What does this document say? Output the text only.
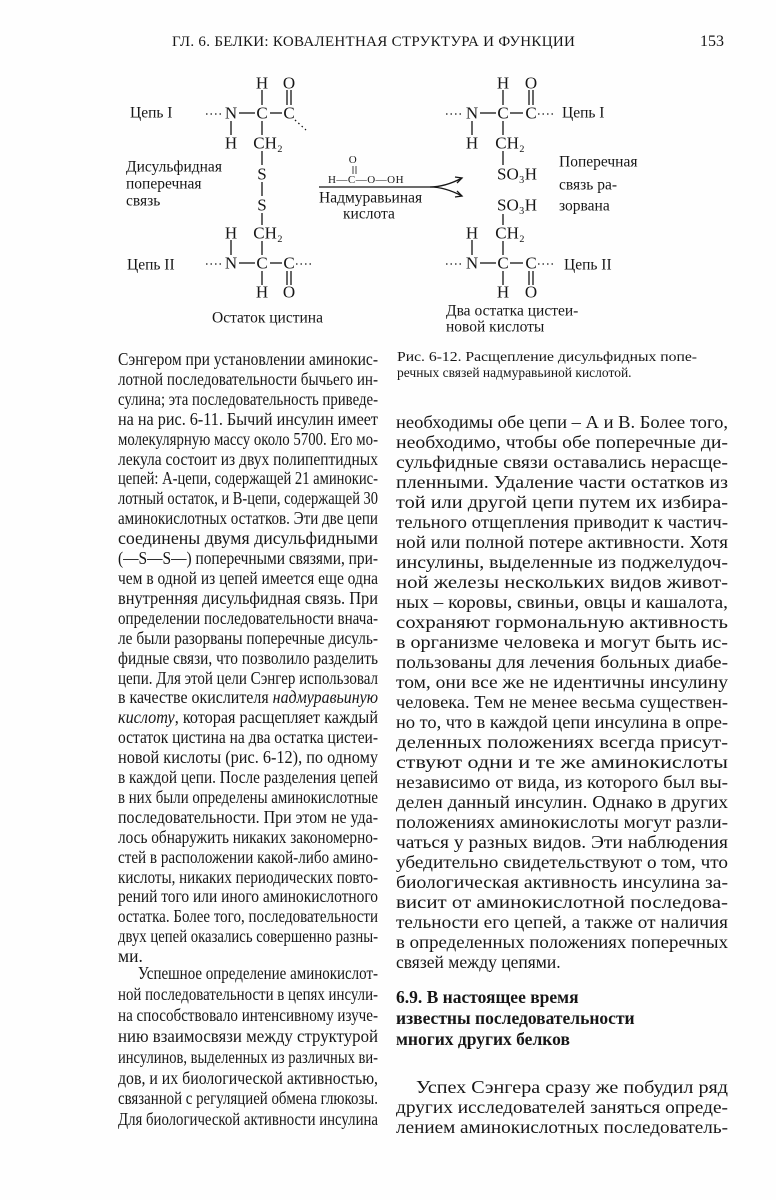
ГЛ. 6. БЕЛКИ: КОВАЛЕНТНАЯ СТРУКТУРА И ФУНКЦИИ	153
H O
N C C
H CH₂
S
S
H CH₂
N C C
H O
H O
N C C
H CH₂
SO₃H
SO₃H
H CH₂
N C C
H O
Цепь I
Дисульфидная
поперечная
связь
Цепь II
Остаток цистина
O
H—C—O—OH
Надмуравьиная
кислота
Цепь I
Поперечная
связь ра-
зорвана
Цепь II
Два остатка цистеи-
новой кислоты
Рис. 6-12. Расщепление дисульфидных попе-
речных связей надмуравьиной кислотой.
Сэнгером при установлении аминокис-
лотной последовательности бычьего ин-
сулина; эта последовательность приведе-
на на рис. 6-11. Бычий инсулин имеет
молекулярную массу около 5700. Его мо-
лекула состоит из двух полипептидных
цепей: А-цепи, содержащей 21 аминокис-
лотный остаток, и В-цепи, содержащей 30
аминокислотных остатков. Эти две цепи
соединены двумя дисульфидными
(—S—S—) поперечными связями, при-
чем в одной из цепей имеется еще одна
внутренняя дисульфидная связь. При
определении последовательности внача-
ле были разорваны поперечные дисуль-
фидные связи, что позволило разделить
цепи. Для этой цели Сэнгер использовал
в качестве окислителя надмуравьиную
кислоту, которая расщепляет каждый
остаток цистина на два остатка цистеи-
новой кислоты (рис. 6-12), по одному
в каждой цепи. После разделения цепей
в них были определены аминокислотные
последовательности. При этом не уда-
лось обнаружить никаких закономерно-
стей в расположении какой-либо амино-
кислоты, никаких периодических повто-
рений того или иного аминокислотного
остатка. Более того, последовательности
двух цепей оказались совершенно разны-
ми.
Успешное определение аминокислот-
ной последовательности в цепях инсули-
на способствовало интенсивному изуче-
нию взаимосвязи между структурой
инсулинов, выделенных из различных ви-
дов, и их биологической активностью,
связанной с регуляцией обмена глюкозы.
Для биологической активности инсулина
необходимы обе цепи – А и В. Более того,
необходимо, чтобы обе поперечные ди-
сульфидные связи оставались нерасще-
пленными. Удаление части остатков из
той или другой цепи путем их избира-
тельного отщепления приводит к частич-
ной или полной потере активности. Хотя
инсулины, выделенные из поджелудоч-
ной железы нескольких видов живот-
ных – коровы, свиньи, овцы и кашалота,
сохраняют гормональную активность
в организме человека и могут быть ис-
пользованы для лечения больных диабе-
том, они все же не идентичны инсулину
человека. Тем не менее весьма существен-
но то, что в каждой цепи инсулина в опре-
деленных положениях всегда присут-
ствуют одни и те же аминокислоты
независимо от вида, из которого был вы-
делен данный инсулин. Однако в других
положениях аминокислоты могут разли-
чаться у разных видов. Эти наблюдения
убедительно свидетельствуют о том, что
биологическая активность инсулина за-
висит от аминокислотной последова-
тельности его цепей, а также от наличия
в определенных положениях поперечных
связей между цепями.
6.9. В настоящее время
известны последовательности
многих других белков
Успех Сэнгера сразу же побудил ряд
других исследователей заняться опреде-
лением аминокислотных последователь-
